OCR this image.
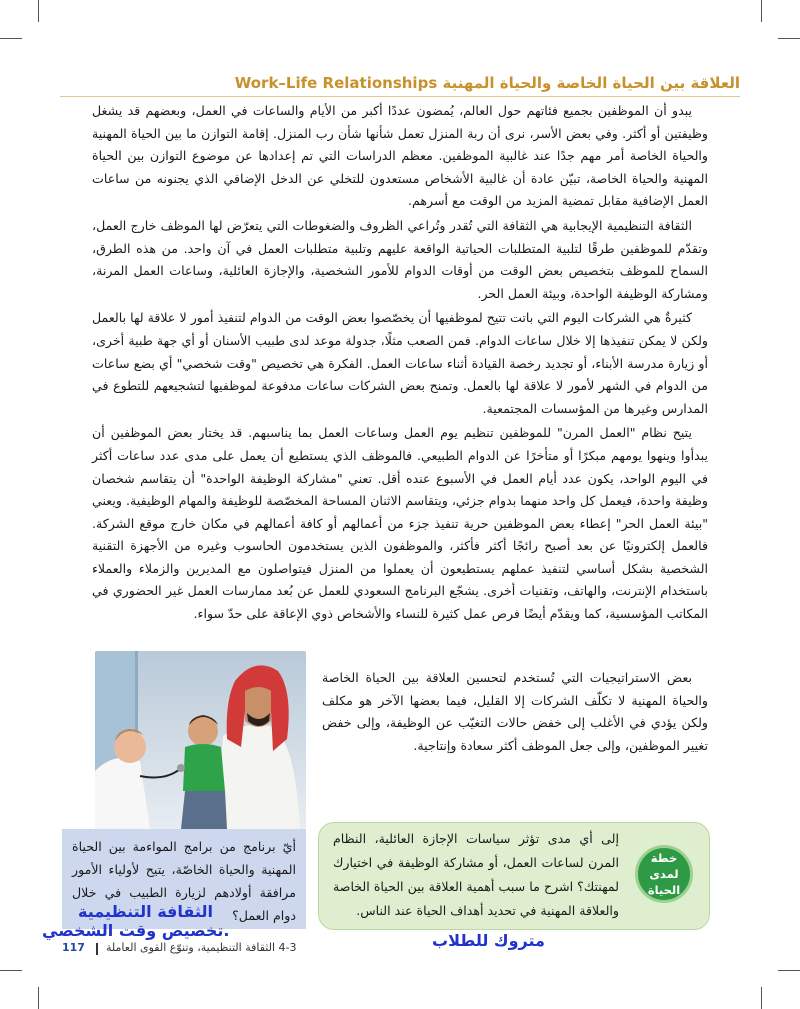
العلاقة بين الحياة الخاصة والحياة المهنية Work–Life Relationships

يبدو أن الموظفين بجميع فئاتهم حول العالم، يُمضون عددًا أكبر من الأيام والساعات في العمل، وبعضهم قد يشغل وظيفتين أو أكثر. وفي بعض الأسر، نرى أن ربة المنزل تعمل شأنها شأن رب المنزل. إقامة التوازن ما بين الحياة المهنية والحياة الخاصة أمر مهم جدًا عند غالبية الموظفين. معظم الدراسات التي تم إعدادها عن موضوع التوازن بين الحياة المهنية والحياة الخاصة، تبيّن عادة أن غالبية الأشخاص مستعدون للتخلي عن الدخل الإضافي الذي يجنونه من ساعات العمل الإضافية مقابل تمضية المزيد من الوقت مع أسرهم.

الثقافة التنظيمية الإيجابية هي الثقافة التي تُقدر وتُراعي الظروف والضغوطات التي يتعرّض لها الموظف خارج العمل، وتقدّم للموظفين طرقًا لتلبية المتطلبات الحياتية الواقعة عليهم وتلبية متطلبات العمل في آن واحد. من هذه الطرق، السماح للموظف بتخصيص بعض الوقت من أوقات الدوام للأمور الشخصية، والإجازة العائلية، وساعات العمل المرنة، ومشاركة الوظيفة الواحدة، وبيئة العمل الحر.

كثيرةٌ هي الشركات اليوم التي باتت تتيح لموظفيها أن يخصّصوا بعض الوقت من الدوام لتنفيذ أمور لا علاقة لها بالعمل ولكن لا يمكن تنفيذها إلا خلال ساعات الدوام. فمن الصعب مثلًا، جدولة موعد لدى طبيب الأسنان أو أي جهة طبية أخرى، أو زيارة مدرسة الأبناء، أو تجديد رخصة القيادة أثناء ساعات العمل. الفكرة هي تخصيص "وقت شخصي" أي بضع ساعات من الدوام في الشهر لأمور لا علاقة لها بالعمل. وتمنح بعض الشركات ساعات مدفوعة لموظفيها لتشجيعهم للتطوع في المدارس وغيرها من المؤسسات المجتمعية.

يتيح نظام "العمل المرن" للموظفين تنظيم يوم العمل وساعات العمل بما يناسبهم. قد يختار بعض الموظفين أن يبدأوا وينهوا يومهم مبكرًا أو متأخرًا عن الدوام الطبيعي. فالموظف الذي يستطيع أن يعمل على مدى عدد ساعات أكثر في اليوم الواحد، يكون عدد أيام العمل في الأسبوع عنده أقل. تعني "مشاركة الوظيفة الواحدة" أن يتقاسم شخصان وظيفة واحدة، فيعمل كل واحد منهما بدوام جزئي، ويتقاسم الاثنان المساحة المخصّصة للوظيفة والمهام الوظيفية. ويعني "بيئة العمل الحر" إعطاء بعض الموظفين حرية تنفيذ جزء من أعمالهم أو كافة أعمالهم في مكان خارج موقع الشركة. فالعمل إلكترونيًا عن بعد أصبح رائجًا أكثر فأكثر، والموظفون الذين يستخدمون الحاسوب وغيره من الأجهزة التقنية الشخصية بشكل أساسي لتنفيذ عملهم يستطيعون أن يعملوا من المنزل فيتواصلون مع المديرين والزملاء والعملاء باستخدام الإنترنت، والهاتف، وتقنيات أخرى. يشجّع البرنامج السعودي للعمل عن بُعد ممارسات العمل غير الحضوري في المكاتب المؤسسية، كما ويقدّم أيضًا فرص عمل كثيرة للنساء والأشخاص ذوي الإعاقة على حدّ سواء.

بعض الاستراتيجيات التي تُستخدم لتحسين العلاقة بين الحياة الخاصة والحياة المهنية لا تكلّف الشركات إلا القليل، فيما بعضها الآخر هو مكلف ولكن يؤدي في الأغلب إلى خفض حالات التغيّب عن الوظيفة، وإلى خفض تغيير الموظفين، وإلى جعل الموظف أكثر سعادة وإنتاجية.

أيّ برنامج من برامج المواءمة بين الحياة المهنية والحياة الخاصّة، يتيح لأولياء الأمور مرافقة أولادهم لزيارة الطبيب في خلال دوام العمل؟
خطة لمدى
الحياة
إلى أي مدى تؤثر سياسات الإجازة العائلية، النظام المرن لساعات العمل، أو مشاركة الوظيفة في اختيارك لمهنتك؟ اشرح ما سبب أهمية العلاقة بين الحياة الخاصة والعلاقة المهنية في تحديد أهداف الحياة عند الناس.
الثقافة التنظيمية
تخصيص وقت الشخصي.
متروك للطلاب
117 4-3 الثقافة التنظيمية، وتنوّع القوى العاملة
